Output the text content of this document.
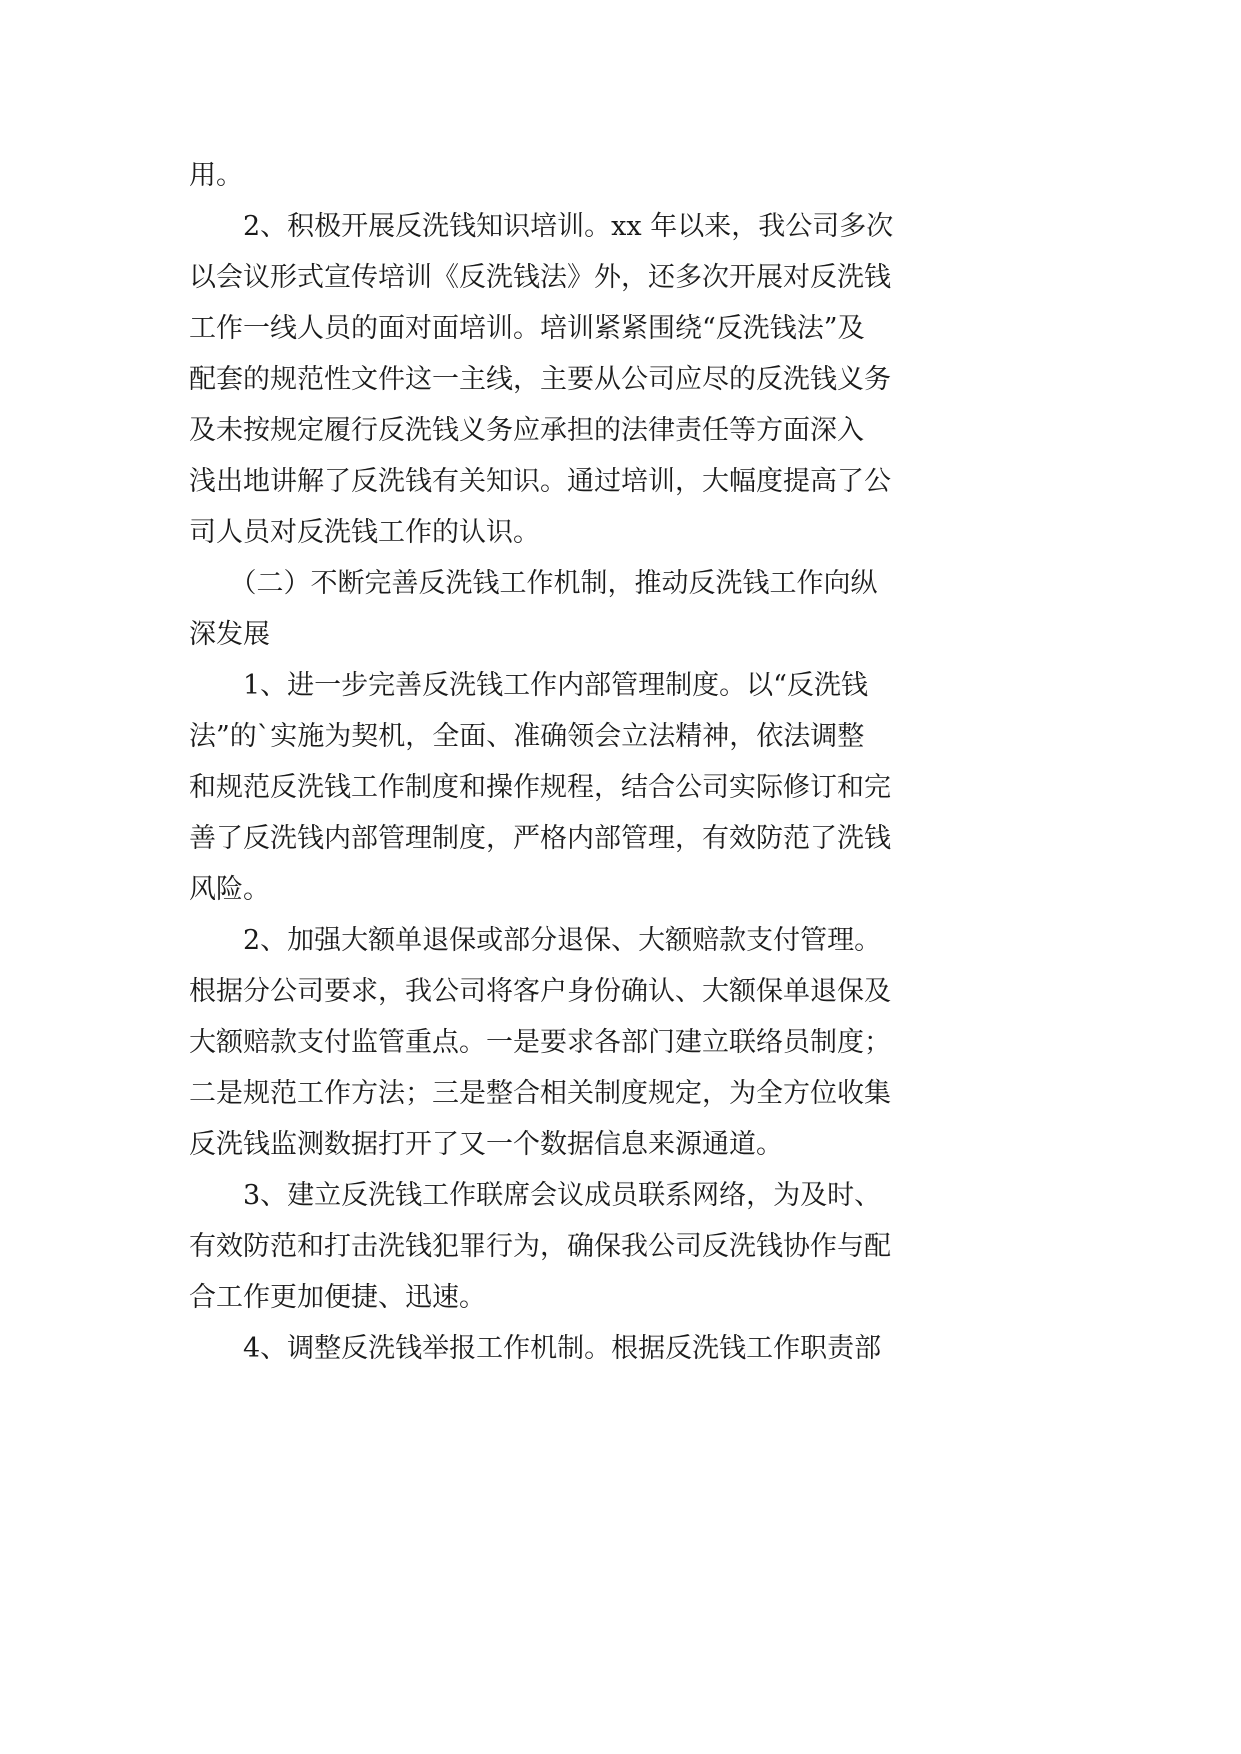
用。
　　2、积极开展反洗钱知识培训。xx 年以来，我公司多次
以会议形式宣传培训《反洗钱法》外，还多次开展对反洗钱
工作一线人员的面对面培训。培训紧紧围绕“反洗钱法”及
配套的规范性文件这一主线，主要从公司应尽的反洗钱义务
及未按规定履行反洗钱义务应承担的法律责任等方面深入
浅出地讲解了反洗钱有关知识。通过培训，大幅度提高了公
司人员对反洗钱工作的认识。
　　（二）不断完善反洗钱工作机制，推动反洗钱工作向纵
深发展
　　1、进一步完善反洗钱工作内部管理制度。以“反洗钱
法”的`实施为契机，全面、准确领会立法精神，依法调整
和规范反洗钱工作制度和操作规程，结合公司实际修订和完
善了反洗钱内部管理制度，严格内部管理，有效防范了洗钱
风险。
　　2、加强大额单退保或部分退保、大额赔款支付管理。
根据分公司要求，我公司将客户身份确认、大额保单退保及
大额赔款支付监管重点。一是要求各部门建立联络员制度；
二是规范工作方法；三是整合相关制度规定，为全方位收集
反洗钱监测数据打开了又一个数据信息来源通道。
　　3、建立反洗钱工作联席会议成员联系网络，为及时、
有效防范和打击洗钱犯罪行为，确保我公司反洗钱协作与配
合工作更加便捷、迅速。
　　4、调整反洗钱举报工作机制。根据反洗钱工作职责部
